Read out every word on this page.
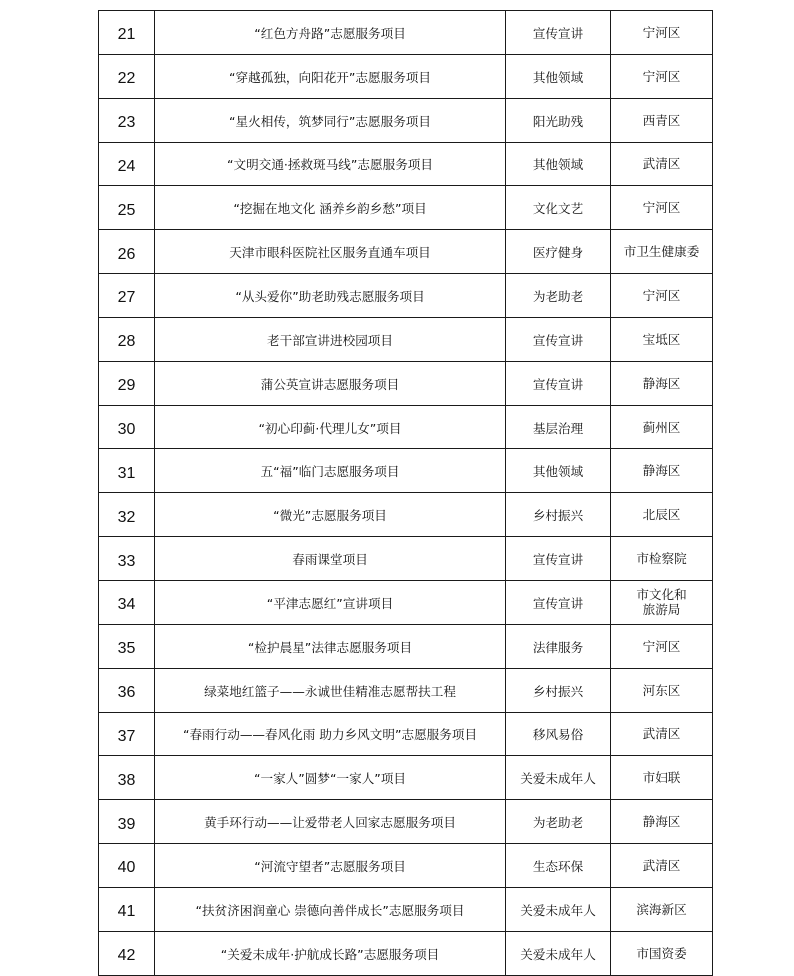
21	“红色方舟路”志愿服务项目	宣传宣讲	宁河区
22	“穿越孤独，向阳花开”志愿服务项目	其他领域	宁河区
23	“星火相传，筑梦同行”志愿服务项目	阳光助残	西青区
24	“文明交通·拯救斑马线”志愿服务项目	其他领域	武清区
25	“挖掘在地文化 涵养乡韵乡愁”项目	文化文艺	宁河区
26	天津市眼科医院社区服务直通车项目	医疗健身	市卫生健康委
27	“从头爱你”助老助残志愿服务项目	为老助老	宁河区
28	老干部宣讲进校园项目	宣传宣讲	宝坻区
29	蒲公英宣讲志愿服务项目	宣传宣讲	静海区
30	“初心印蓟·代理儿女”项目	基层治理	蓟州区
31	五“福”临门志愿服务项目	其他领域	静海区
32	“微光”志愿服务项目	乡村振兴	北辰区
33	春雨课堂项目	宣传宣讲	市检察院
34	“平津志愿红”宣讲项目	宣传宣讲	市文化和
旅游局

35	“检护晨星”法律志愿服务项目	法律服务	宁河区
36	绿菜地红篮子——永诚世佳精准志愿帮扶工程	乡村振兴	河东区
37	“春雨行动——春风化雨 助力乡风文明”志愿服务项目	移风易俗	武清区
38	“一家人”圆梦“一家人”项目	关爱未成年人	市妇联
39	黄手环行动——让爱带老人回家志愿服务项目	为老助老	静海区
40	“河流守望者”志愿服务项目	生态环保	武清区
41	“扶贫济困润童心 崇德向善伴成长”志愿服务项目	关爱未成年人	滨海新区
42	“关爱未成年·护航成长路”志愿服务项目	关爱未成年人	市国资委
